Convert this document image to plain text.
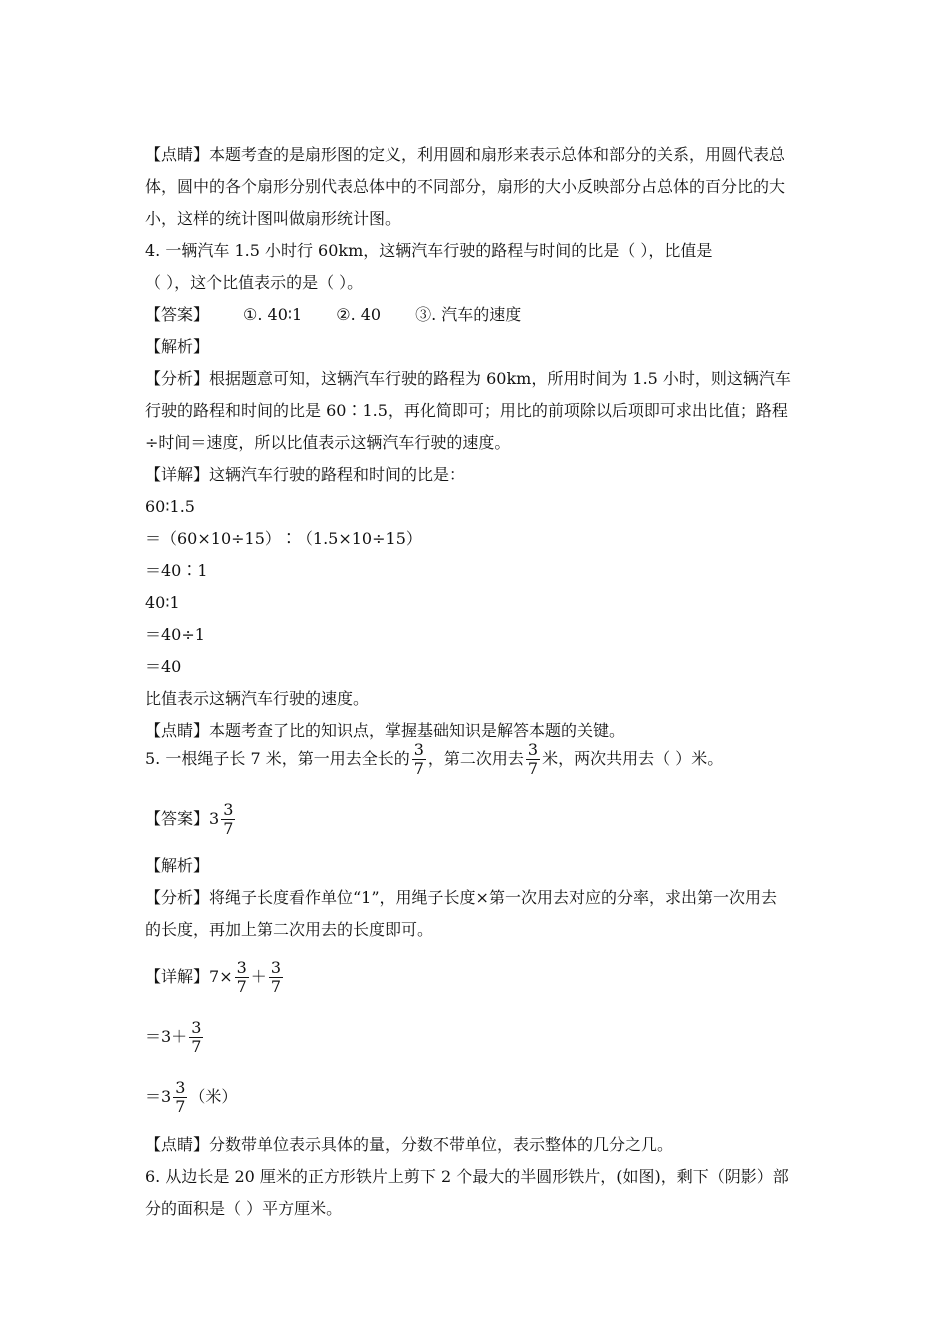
【点睛】本题考查的是扇形图的定义，利用圆和扇形来表示总体和部分的关系，用圆代表总
体，圆中的各个扇形分别代表总体中的不同部分，扇形的大小反映部分占总体的百分比的大
小，这样的统计图叫做扇形统计图。
4. 一辆汽车 1.5 小时行 60km，这辆汽车行驶的路程与时间的比是（ ），比值是
（ ），这个比值表示的是（ ）。
【答案】 ①. 40∶1 ②. 40 ③. 汽车的速度
【解析】
【分析】根据题意可知，这辆汽车行驶的路程为 60km，所用时间为 1.5 小时，则这辆汽车
行驶的路程和时间的比是 60∶1.5，再化简即可；用比的前项除以后项即可求出比值；路程
÷时间＝速度，所以比值表示这辆汽车行驶的速度。
【详解】这辆汽车行驶的路程和时间的比是：
60∶1.5
＝（60×10÷15）∶（1.5×10÷15）
＝40∶1
40∶1
＝40÷1
＝40
比值表示这辆汽车行驶的速度。
【点睛】本题考查了比的知识点，掌握基础知识是解答本题的关键。
5. 一根绳子长 7 米，第一用去全长的 $\frac{3}{7}$ ，第二次用去 $\frac{3}{7}$ 米，两次共用去（ ）米。
【答案】$3 \frac{3}{7}$
【解析】
【分析】将绳子长度看作单位“1”，用绳子长度×第一次用去对应的分率，求出第一次用去
的长度，再加上第二次用去的长度即可。
【详解】$7\times \frac{3}{7} + \frac{3}{7}$
$=3+ \frac{3}{7}$
$=3 \frac{3}{7}$ （米）
【点睛】分数带单位表示具体的量，分数不带单位，表示整体的几分之几。
6. 从边长是 20 厘米的正方形铁片上剪下 2 个最大的半圆形铁片，(如图)，剩下（阴影）部
分的面积是（ ）平方厘米。
